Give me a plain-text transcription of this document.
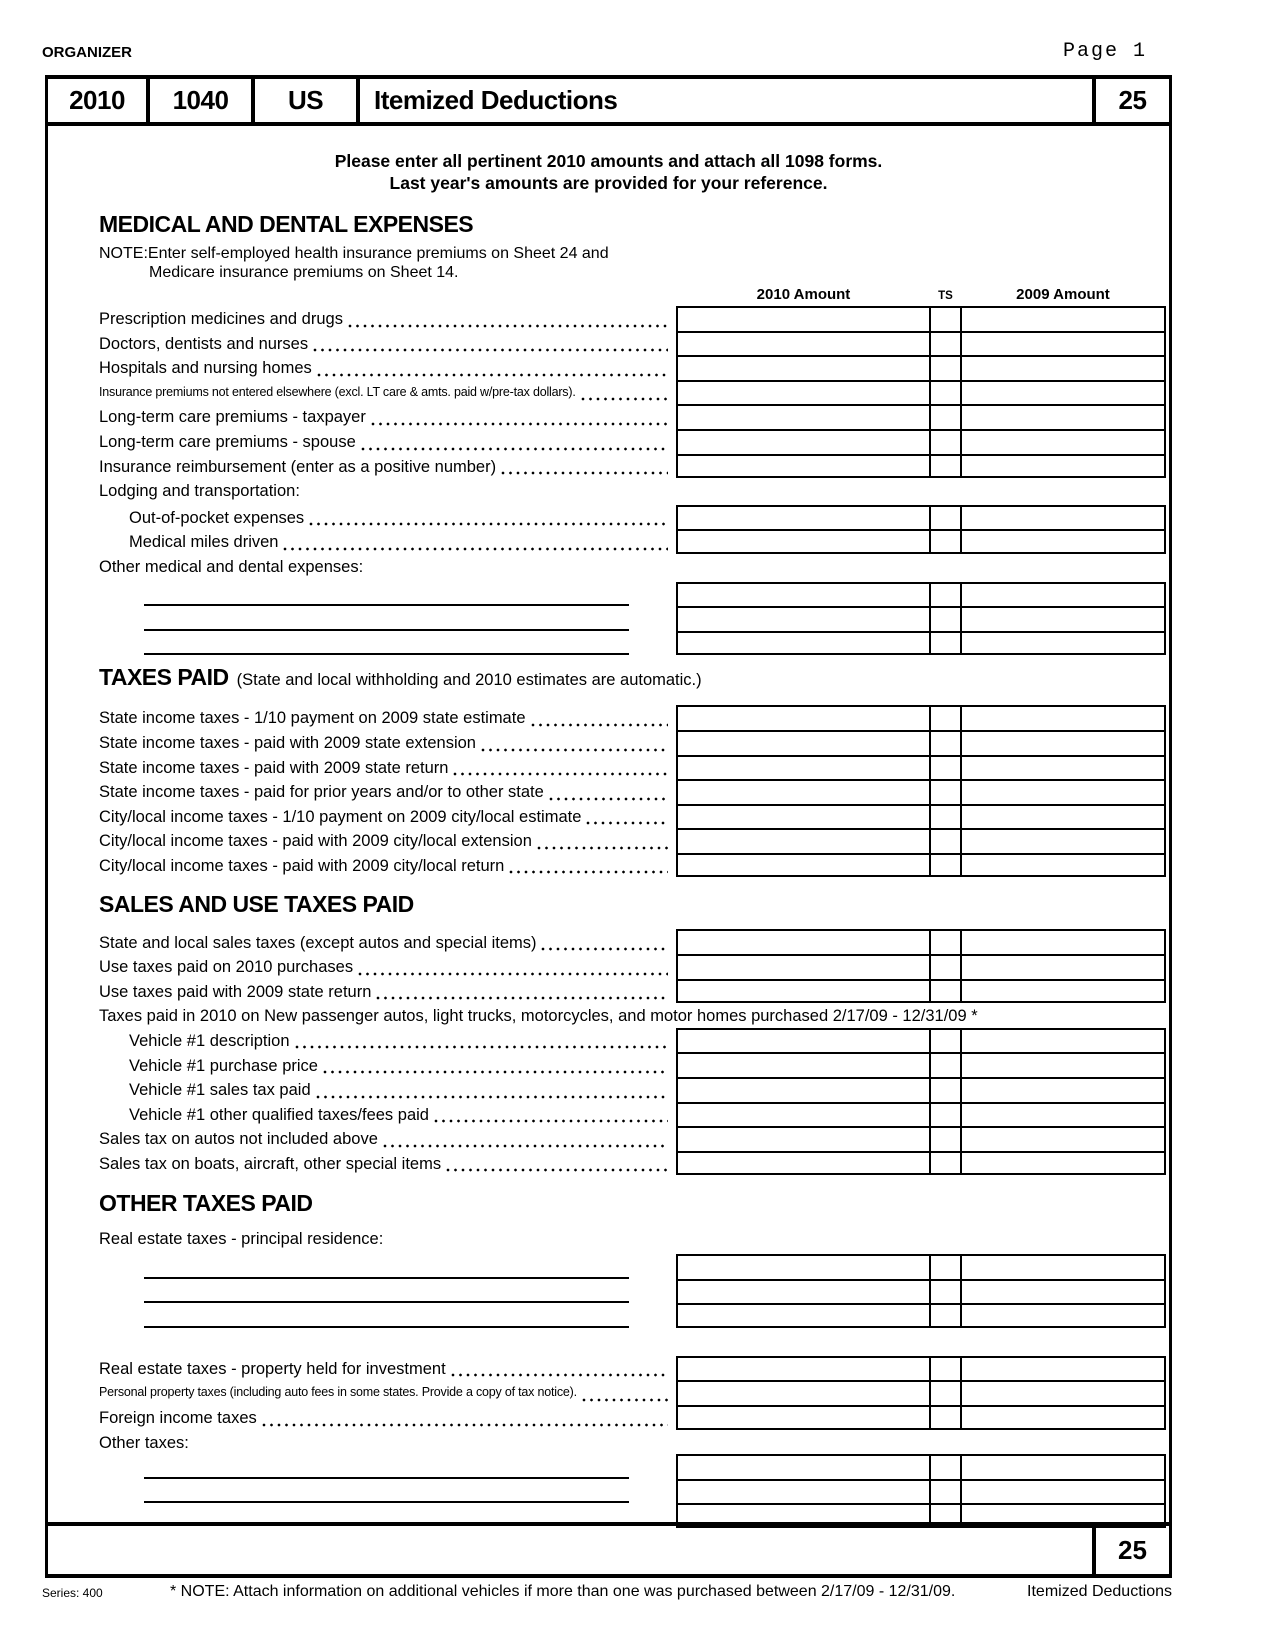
ORGANIZER	Page 1
2010	1040	US	Itemized Deductions	25
Please enter all pertinent 2010 amounts and attach all 1098 forms.
Last year's amounts are provided for your reference.
MEDICAL AND DENTAL EXPENSES
NOTE:Enter self-employed health insurance premiums on Sheet 24 and
Medicare insurance premiums on Sheet 14.
2010 Amount	TS	2009 Amount
Prescription medicines and drugs
Doctors, dentists and nurses
Hospitals and nursing homes
Insurance premiums not entered elsewhere (excl. LT care & amts. paid w/pre-tax dollars).
Long-term care premiums - taxpayer
Long-term care premiums - spouse
Insurance reimbursement (enter as a positive number)
Lodging and transportation:
Out-of-pocket expenses
Medical miles driven
Other medical and dental expenses:
TAXES PAID (State and local withholding and 2010 estimates are automatic.)
State income taxes - 1/10 payment on 2009 state estimate
State income taxes - paid with 2009 state extension
State income taxes - paid with 2009 state return
State income taxes - paid for prior years and/or to other state
City/local income taxes - 1/10 payment on 2009 city/local estimate
City/local income taxes - paid with 2009 city/local extension
City/local income taxes - paid with 2009 city/local return
SALES AND USE TAXES PAID
State and local sales taxes (except autos and special items)
Use taxes paid on 2010 purchases
Use taxes paid with 2009 state return
Taxes paid in 2010 on New passenger autos, light trucks, motorcycles, and motor homes purchased 2/17/09 - 12/31/09 *
Vehicle #1 description
Vehicle #1 purchase price
Vehicle #1 sales tax paid
Vehicle #1 other qualified taxes/fees paid
Sales tax on autos not included above
Sales tax on boats, aircraft, other special items
OTHER TAXES PAID
Real estate taxes - principal residence:
Real estate taxes - property held for investment
Personal property taxes (including auto fees in some states. Provide a copy of tax notice).
Foreign income taxes
Other taxes:
25
Series: 400	* NOTE: Attach information on additional vehicles if more than one was purchased between 2/17/09 - 12/31/09.	Itemized Deductions
